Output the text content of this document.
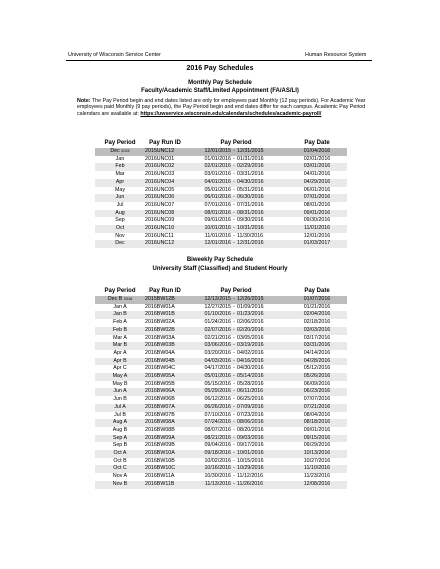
University of Wisconsin Service Center	Human Resource System
2016 Pay Schedules
Monthly Pay Schedule
Faculty/Academic Staff/Limited Appointment (FA/AS/LI)
Note: The Pay Period begin and end dates listed are only for employees paid Monthly (12 pay periods). For Academic Year employees paid Monthly (9 pay periods), the Pay Period begin and end dates differ for each campus. Academic Pay Period calendars are available at: https://uwservice.wisconsin.edu/calendars/schedules/academic-payroll/
Pay Period	Pay Run ID	Pay Period			Pay Date
Dec 2015	2015UNC12	12/01/2015	-	12/31/2015	01/04/2016
Jan	2016UNC01	01/01/2016	-	01/31/2016	02/01/2016
Feb	2016UNC02	02/01/2016	-	02/29/2016	03/01/2016
Mar	2016UNC03	03/01/2016	-	03/31/2016	04/01/2016
Apr	2016UNC04	04/01/2016	-	04/30/2016	04/29/2016
May	2016UNC05	05/01/2016	-	05/31/2016	06/01/2016
Jun	2016UNC06	06/01/2016	-	06/30/2016	07/01/2016
Jul	2016UNC07	07/01/2016	-	07/31/2016	08/01/2016
Aug	2016UNC08	08/01/2016	-	08/31/2016	09/01/2016
Sep	2016UNC09	09/01/2016	-	09/30/2016	09/30/2016
Oct	2016UNC10	10/01/2016	-	10/31/2016	11/01/2016
Nov	2016UNC11	11/01/2016	-	11/30/2016	12/01/2016
Dec	2016UNC12	12/01/2016	-	12/31/2016	01/03/2017
Biweekly Pay Schedule
University Staff (Classified) and Student Hourly
Pay Period	Pay Run ID	Pay Period			Pay Date
Dec B 2016	2015BW12B	12/13/2015	-	12/26/2015	01/07/2016
Jan A	2016BW01A	12/27/2015	-	01/09/2016	01/21/2016
Jan B	2016BW01B	01/10/2016	-	01/23/2016	02/04/2016
Feb A	2016BW02A	01/24/2016	-	02/06/2016	02/18/2016
Feb B	2016BW02B	02/07/2016	-	02/20/2016	03/03/2016
Mar A	2016BW03A	02/21/2016	-	03/05/2016	03/17/2016
Mar B	2016BW03B	03/06/2016	-	03/19/2016	03/31/2016
Apr A	2016BW04A	03/20/2016	-	04/02/2016	04/14/2016
Apr B	2016BW04B	04/03/2016	-	04/16/2016	04/28/2016
Apr C	2016BW04C	04/17/2016	-	04/30/2016	05/12/2016
May A	2016BW05A	05/01/2016	-	05/14/2016	05/26/2016
May B	2016BW05B	05/15/2016	-	05/28/2016	06/09/2016
Jun A	2016BW06A	05/29/2016	-	06/11/2016	06/23/2016
Jun B	2016BW06B	06/12/2016	-	06/25/2016	07/07/2016
Jul A	2016BW07A	06/26/2016	-	07/09/2016	07/21/2016
Jul B	2016BW07B	07/10/2016	-	07/23/2016	08/04/2016
Aug A	2016BW08A	07/24/2016	-	08/06/2016	08/18/2016
Aug B	2016BW08B	08/07/2016	-	08/20/2016	09/01/2016
Sep A	2016BW09A	08/21/2016	-	09/03/2016	09/15/2016
Sep B	2016BW09B	09/04/2016	-	09/17/2016	09/29/2016
Oct A	2016BW10A	09/18/2016	-	10/01/2016	10/13/2016
Oct B	2016BW10B	10/02/2016	-	10/15/2016	10/27/2016
Oct C	2016BW10C	10/16/2016	-	10/29/2016	11/10/2016
Nov A	2016BW11A	10/30/2016	-	11/12/2016	11/23/2016
Nov B	2016BW11B	11/13/2016	-	11/26/2016	12/08/2016
